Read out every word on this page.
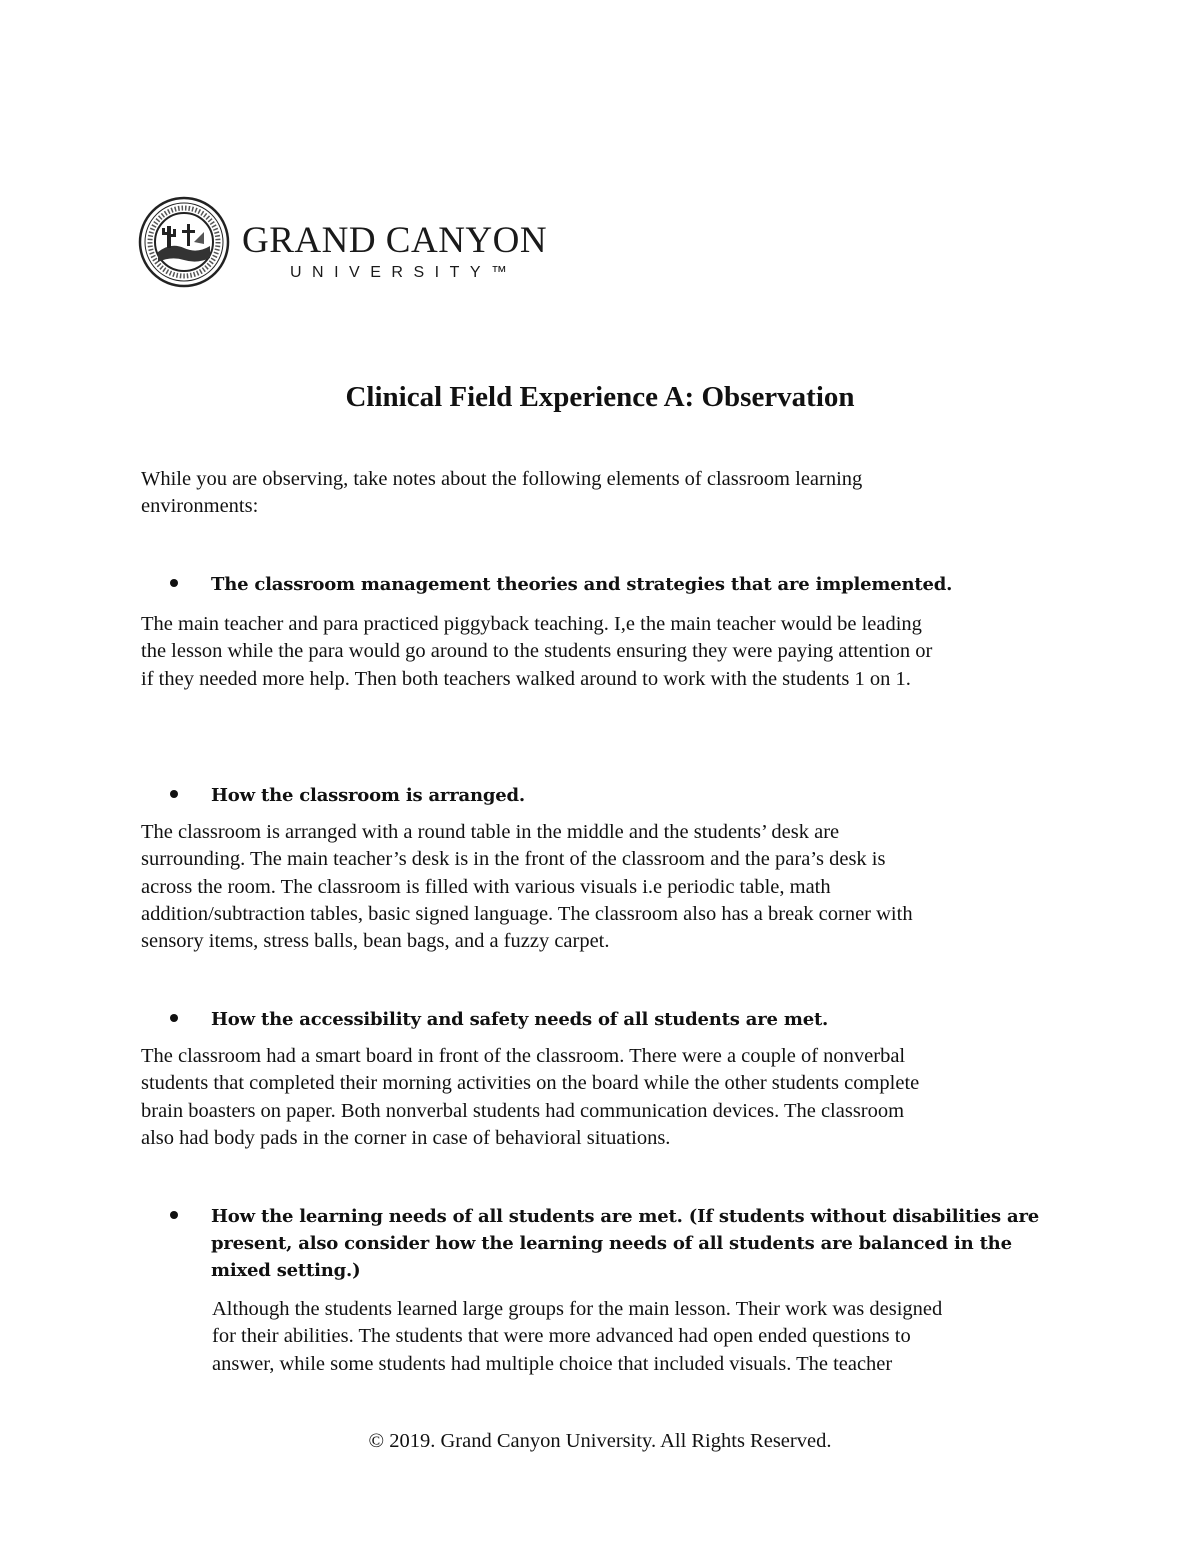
GRAND CANYON
UNIVERSITY™
Clinical Field Experience A: Observation

While you are observing, take notes about the following elements of classroom learning

environments:

The classroom management theories and strategies that are implemented.

The main teacher and para practiced piggyback teaching. I,e the main teacher would be leading

the lesson while the para would go around to the students ensuring they were paying attention or

if they needed more help. Then both teachers walked around to work with the students 1 on 1.

How the classroom is arranged.

The classroom is arranged with a round table in the middle and the students’ desk are

surrounding. The main teacher’s desk is in the front of the classroom and the para’s desk is

across the room. The classroom is filled with various visuals i.e periodic table, math

addition/subtraction tables, basic signed language. The classroom also has a break corner with

sensory items, stress balls, bean bags, and a fuzzy carpet.

How the accessibility and safety needs of all students are met.

The classroom had a smart board in front of the classroom. There were a couple of nonverbal

students that completed their morning activities on the board while the other students complete

brain boasters on paper. Both nonverbal students had communication devices. The classroom

also had body pads in the corner in case of behavioral situations.

How the learning needs of all students are met. (If students without disabilities are
present, also consider how the learning needs of all students are balanced in the
mixed setting.)

Although the students learned large groups for the main lesson. Their work was designed

for their abilities. The students that were more advanced had open ended questions to

answer, while some students had multiple choice that included visuals. The teacher

© 2019. Grand Canyon University. All Rights Reserved.
